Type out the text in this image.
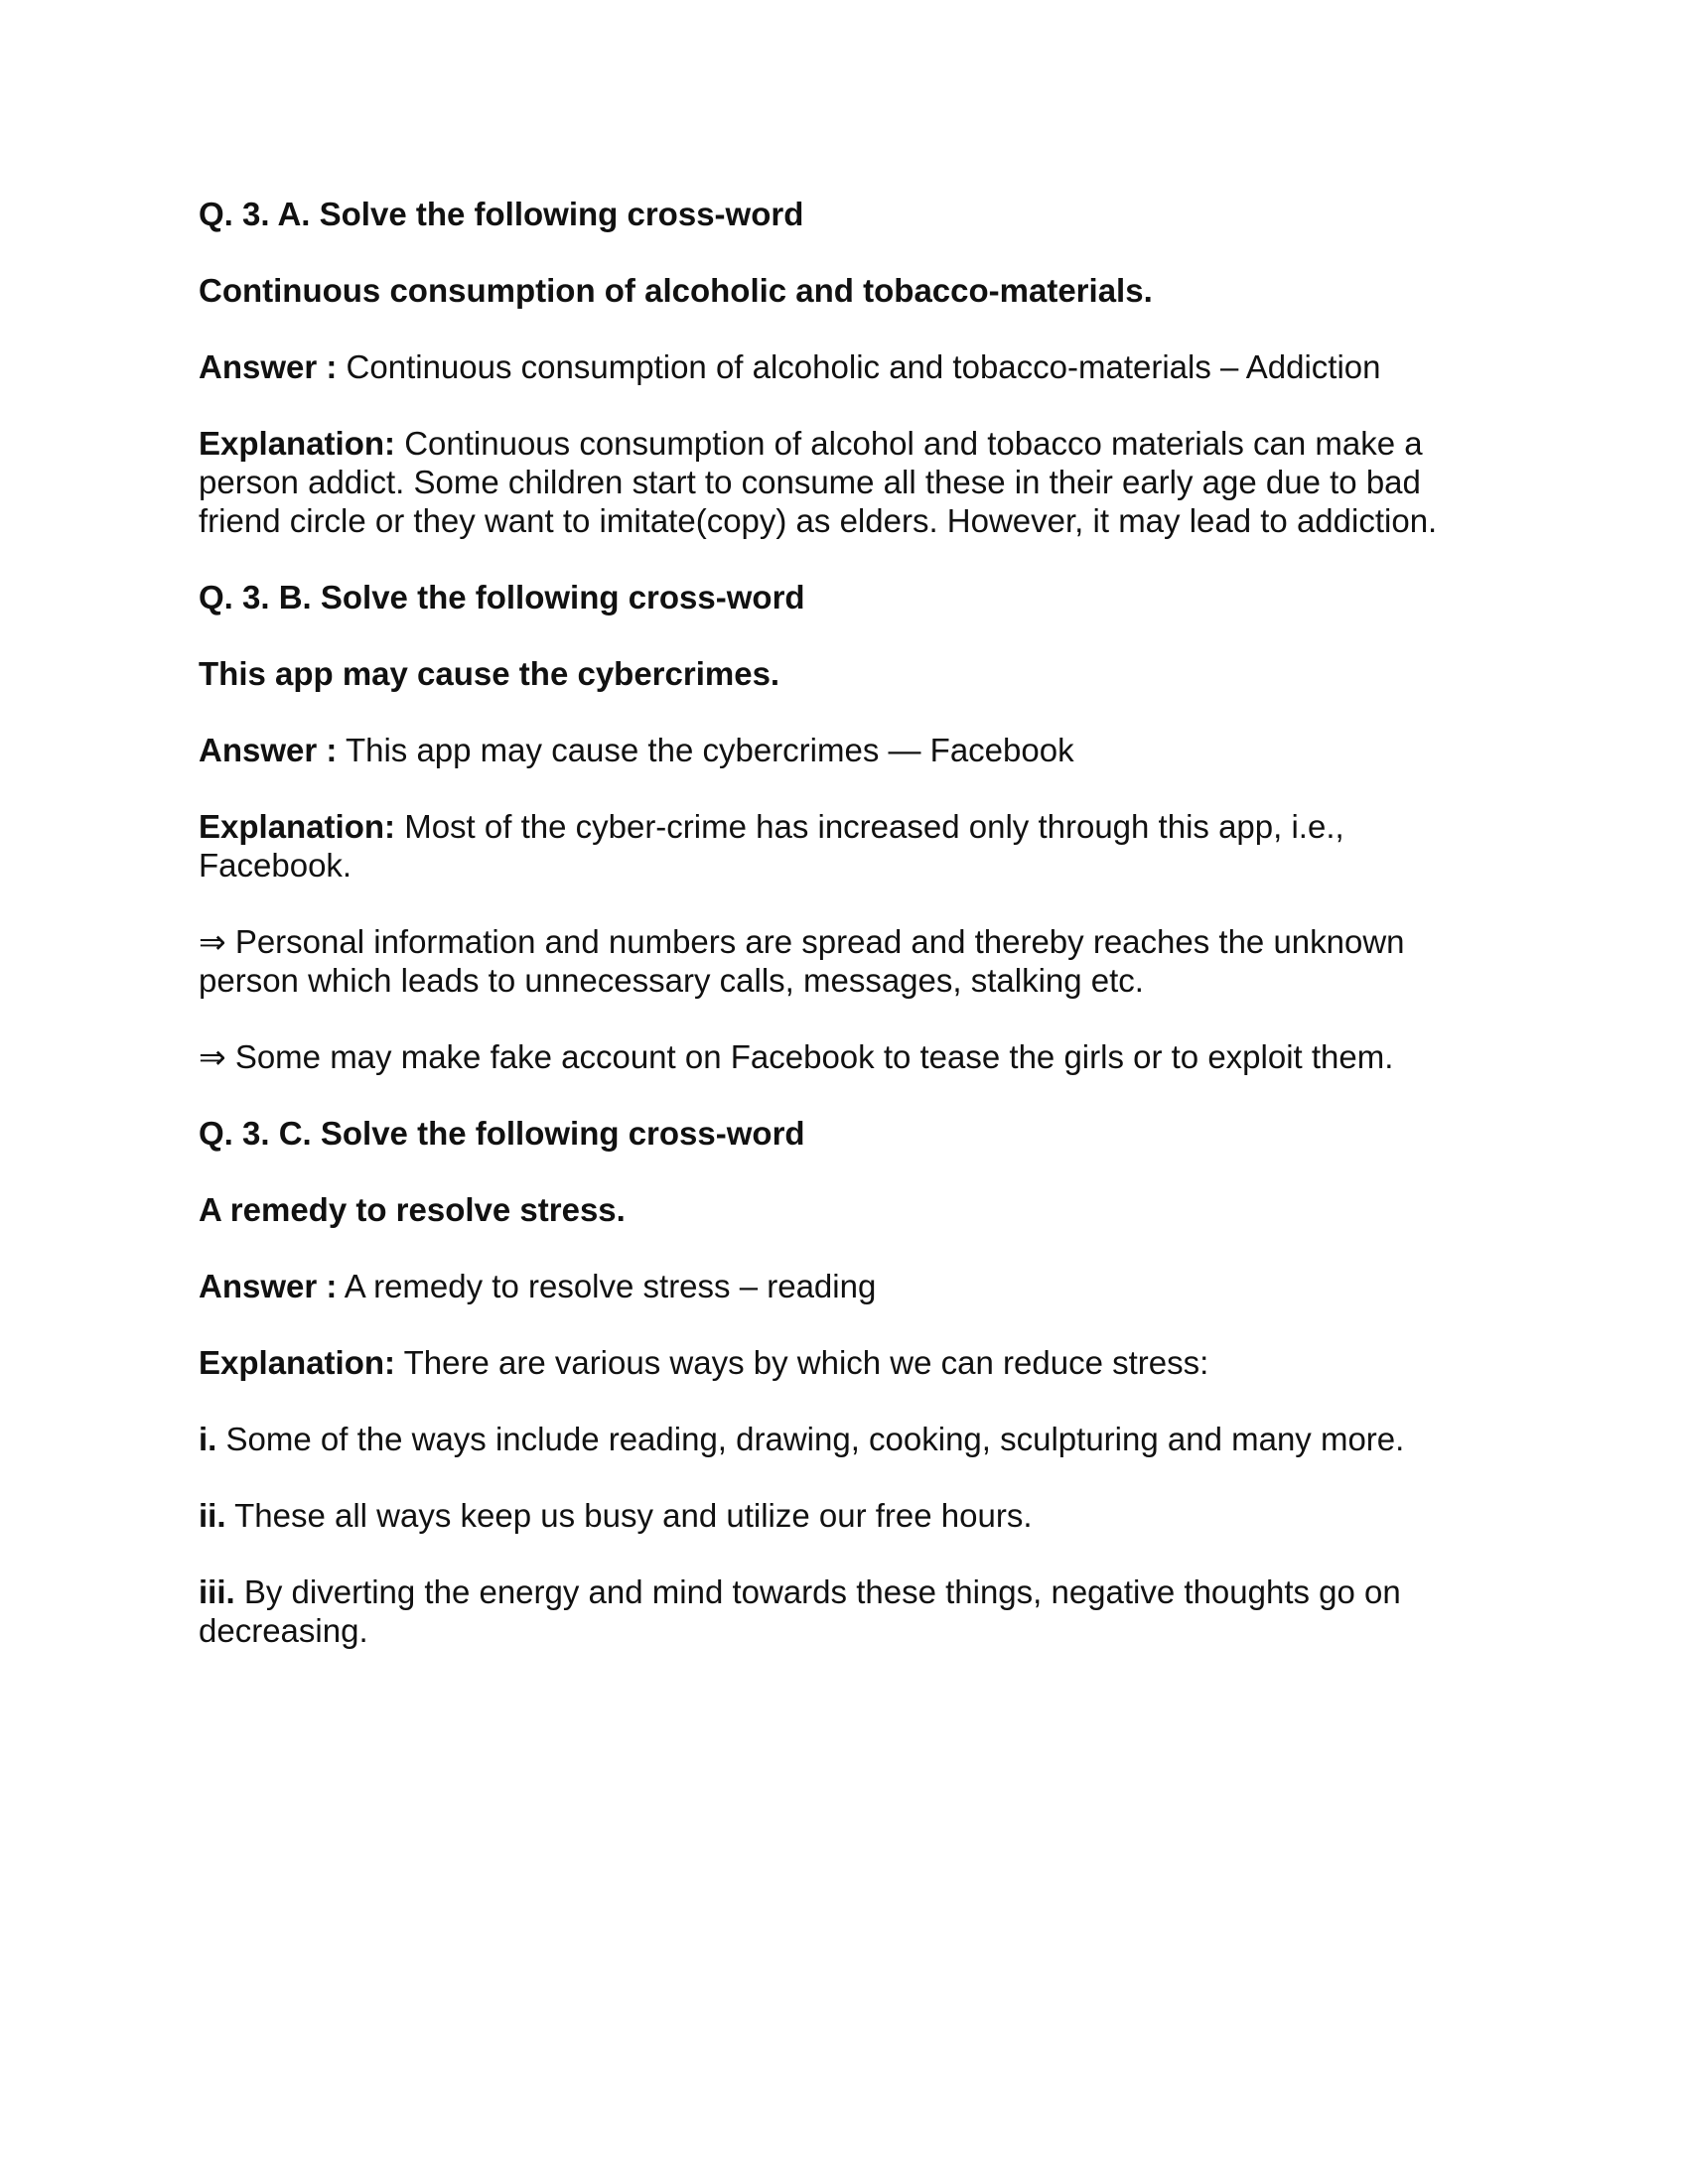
Q. 3. A. Solve the following cross-word

Continuous consumption of alcoholic and tobacco-materials.

Answer : Continuous consumption of alcoholic and tobacco-materials – Addiction

Explanation: Continuous consumption of alcohol and tobacco materials can make a person addict. Some children start to consume all these in their early age due to bad friend circle or they want to imitate(copy) as elders. However, it may lead to addiction.

Q. 3. B. Solve the following cross-word

This app may cause the cybercrimes.

Answer : This app may cause the cybercrimes — Facebook

Explanation: Most of the cyber-crime has increased only through this app, i.e., Facebook.

⇒ Personal information and numbers are spread and thereby reaches the unknown person which leads to unnecessary calls, messages, stalking etc.

⇒ Some may make fake account on Facebook to tease the girls or to exploit them.

Q. 3. C. Solve the following cross-word

A remedy to resolve stress.

Answer : A remedy to resolve stress – reading

Explanation: There are various ways by which we can reduce stress:

i. Some of the ways include reading, drawing, cooking, sculpturing and many more.

ii. These all ways keep us busy and utilize our free hours.

iii. By diverting the energy and mind towards these things, negative thoughts go on decreasing.
